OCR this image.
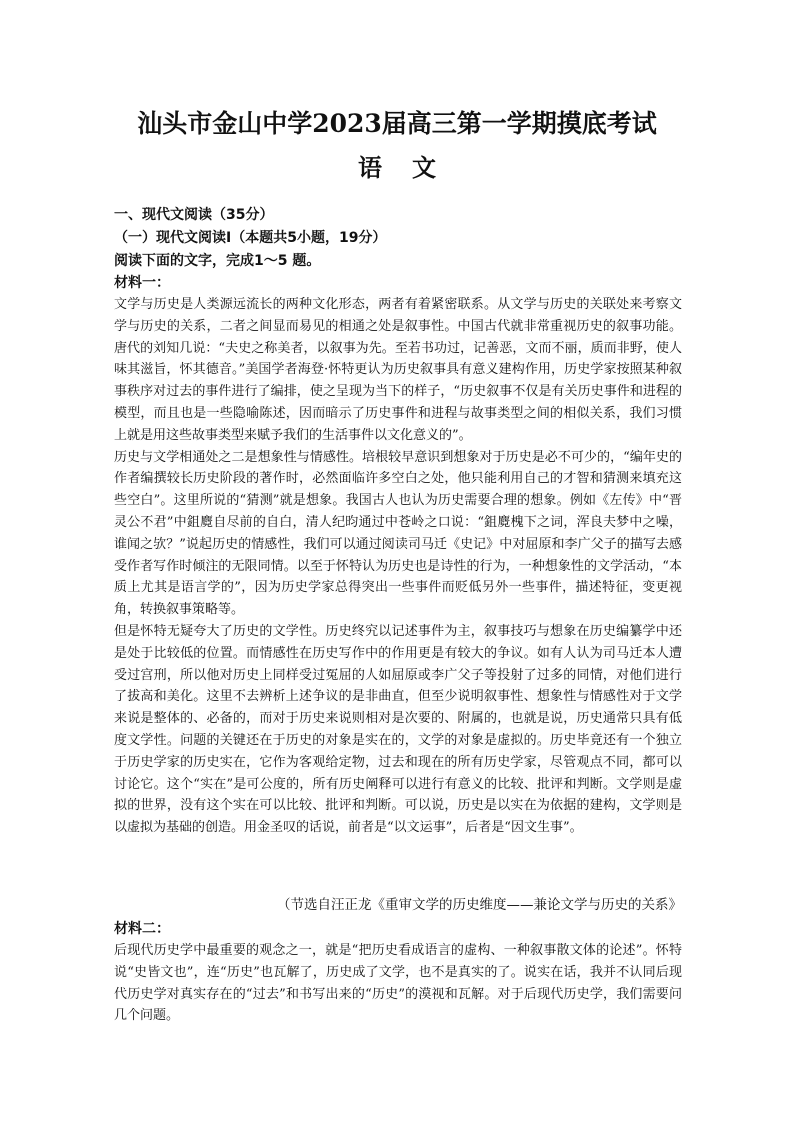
汕头市金山中学2023届高三第一学期摸底考试
语文
一、现代文阅读（35分）
（一）现代文阅读Ⅰ（本题共5小题，19分）
阅读下面的文字，完成1～5 题。
材料一：

文学与历史是人类源远流长的两种文化形态，两者有着紧密联系。从文学与历史的关联处来考察文学与历史的关系，二者之间显而易见的相通之处是叙事性。中国古代就非常重视历史的叙事功能。唐代的刘知几说：“夫史之称美者，以叙事为先。至若书功过，记善恶，文而不丽，质而非野，使人味其滋旨，怀其德音。”美国学者海登·怀特更认为历史叙事具有意义建构作用，历史学家按照某种叙事秩序对过去的事件进行了编排，使之呈现为当下的样子，“历史叙事不仅是有关历史事件和进程的模型，而且也是一些隐喻陈述，因而暗示了历史事件和进程与故事类型之间的相似关系，我们习惯上就是用这些故事类型来赋予我们的生活事件以文化意义的”。

历史与文学相通处之二是想象性与情感性。培根较早意识到想象对于历史是必不可少的，“编年史的作者编撰较长历史阶段的著作时，必然面临许多空白之处，他只能利用自己的才智和猜测来填充这些空白”。这里所说的“猜测”就是想象。我国古人也认为历史需要合理的想象。例如《左传》中“晋灵公不君”中鉏麑自尽前的自白，清人纪昀通过中苍岭之口说：“鉏麑槐下之词，浑良夫梦中之噪，谁闻之欤？”说起历史的情感性，我们可以通过阅读司马迁《史记》中对屈原和李广父子的描写去感受作者写作时倾注的无限同情。以至于怀特认为历史也是诗性的行为，一种想象性的文学活动，“本质上尤其是语言学的”，因为历史学家总得突出一些事件而贬低另外一些事件，描述特征，变更视角，转换叙事策略等。

但是怀特无疑夸大了历史的文学性。历史终究以记述事件为主，叙事技巧与想象在历史编纂学中还是处于比较低的位置。而情感性在历史写作中的作用更是有较大的争议。如有人认为司马迁本人遭受过宫刑，所以他对历史上同样受过冤屈的人如屈原或李广父子等投射了过多的同情，对他们进行了拔高和美化。这里不去辨析上述争议的是非曲直，但至少说明叙事性、想象性与情感性对于文学来说是整体的、必备的，而对于历史来说则相对是次要的、附属的，也就是说，历史通常只具有低度文学性。问题的关键还在于历史的对象是实在的，文学的对象是虚拟的。历史毕竟还有一个独立于历史学家的历史实在，它作为客观给定物，过去和现在的所有历史学家，尽管观点不同，都可以讨论它。这个“实在”是可公度的，所有历史阐释可以进行有意义的比较、批评和判断。文学则是虚拟的世界，没有这个实在可以比较、批评和判断。可以说，历史是以实在为依据的建构，文学则是以虚拟为基础的创造。用金圣叹的话说，前者是“以文运事”，后者是“因文生事”。

（节选自汪正龙《重审文学的历史维度——兼论文学与历史的关系》
材料二：

后现代历史学中最重要的观念之一，就是“把历史看成语言的虚构、一种叙事散文体的论述”。怀特说“史皆文也”，连“历史”也瓦解了，历史成了文学，也不是真实的了。说实在话，我并不认同后现代历史学对真实存在的“过去”和书写出来的“历史”的漠视和瓦解。对于后现代历史学，我们需要问几个问题。
